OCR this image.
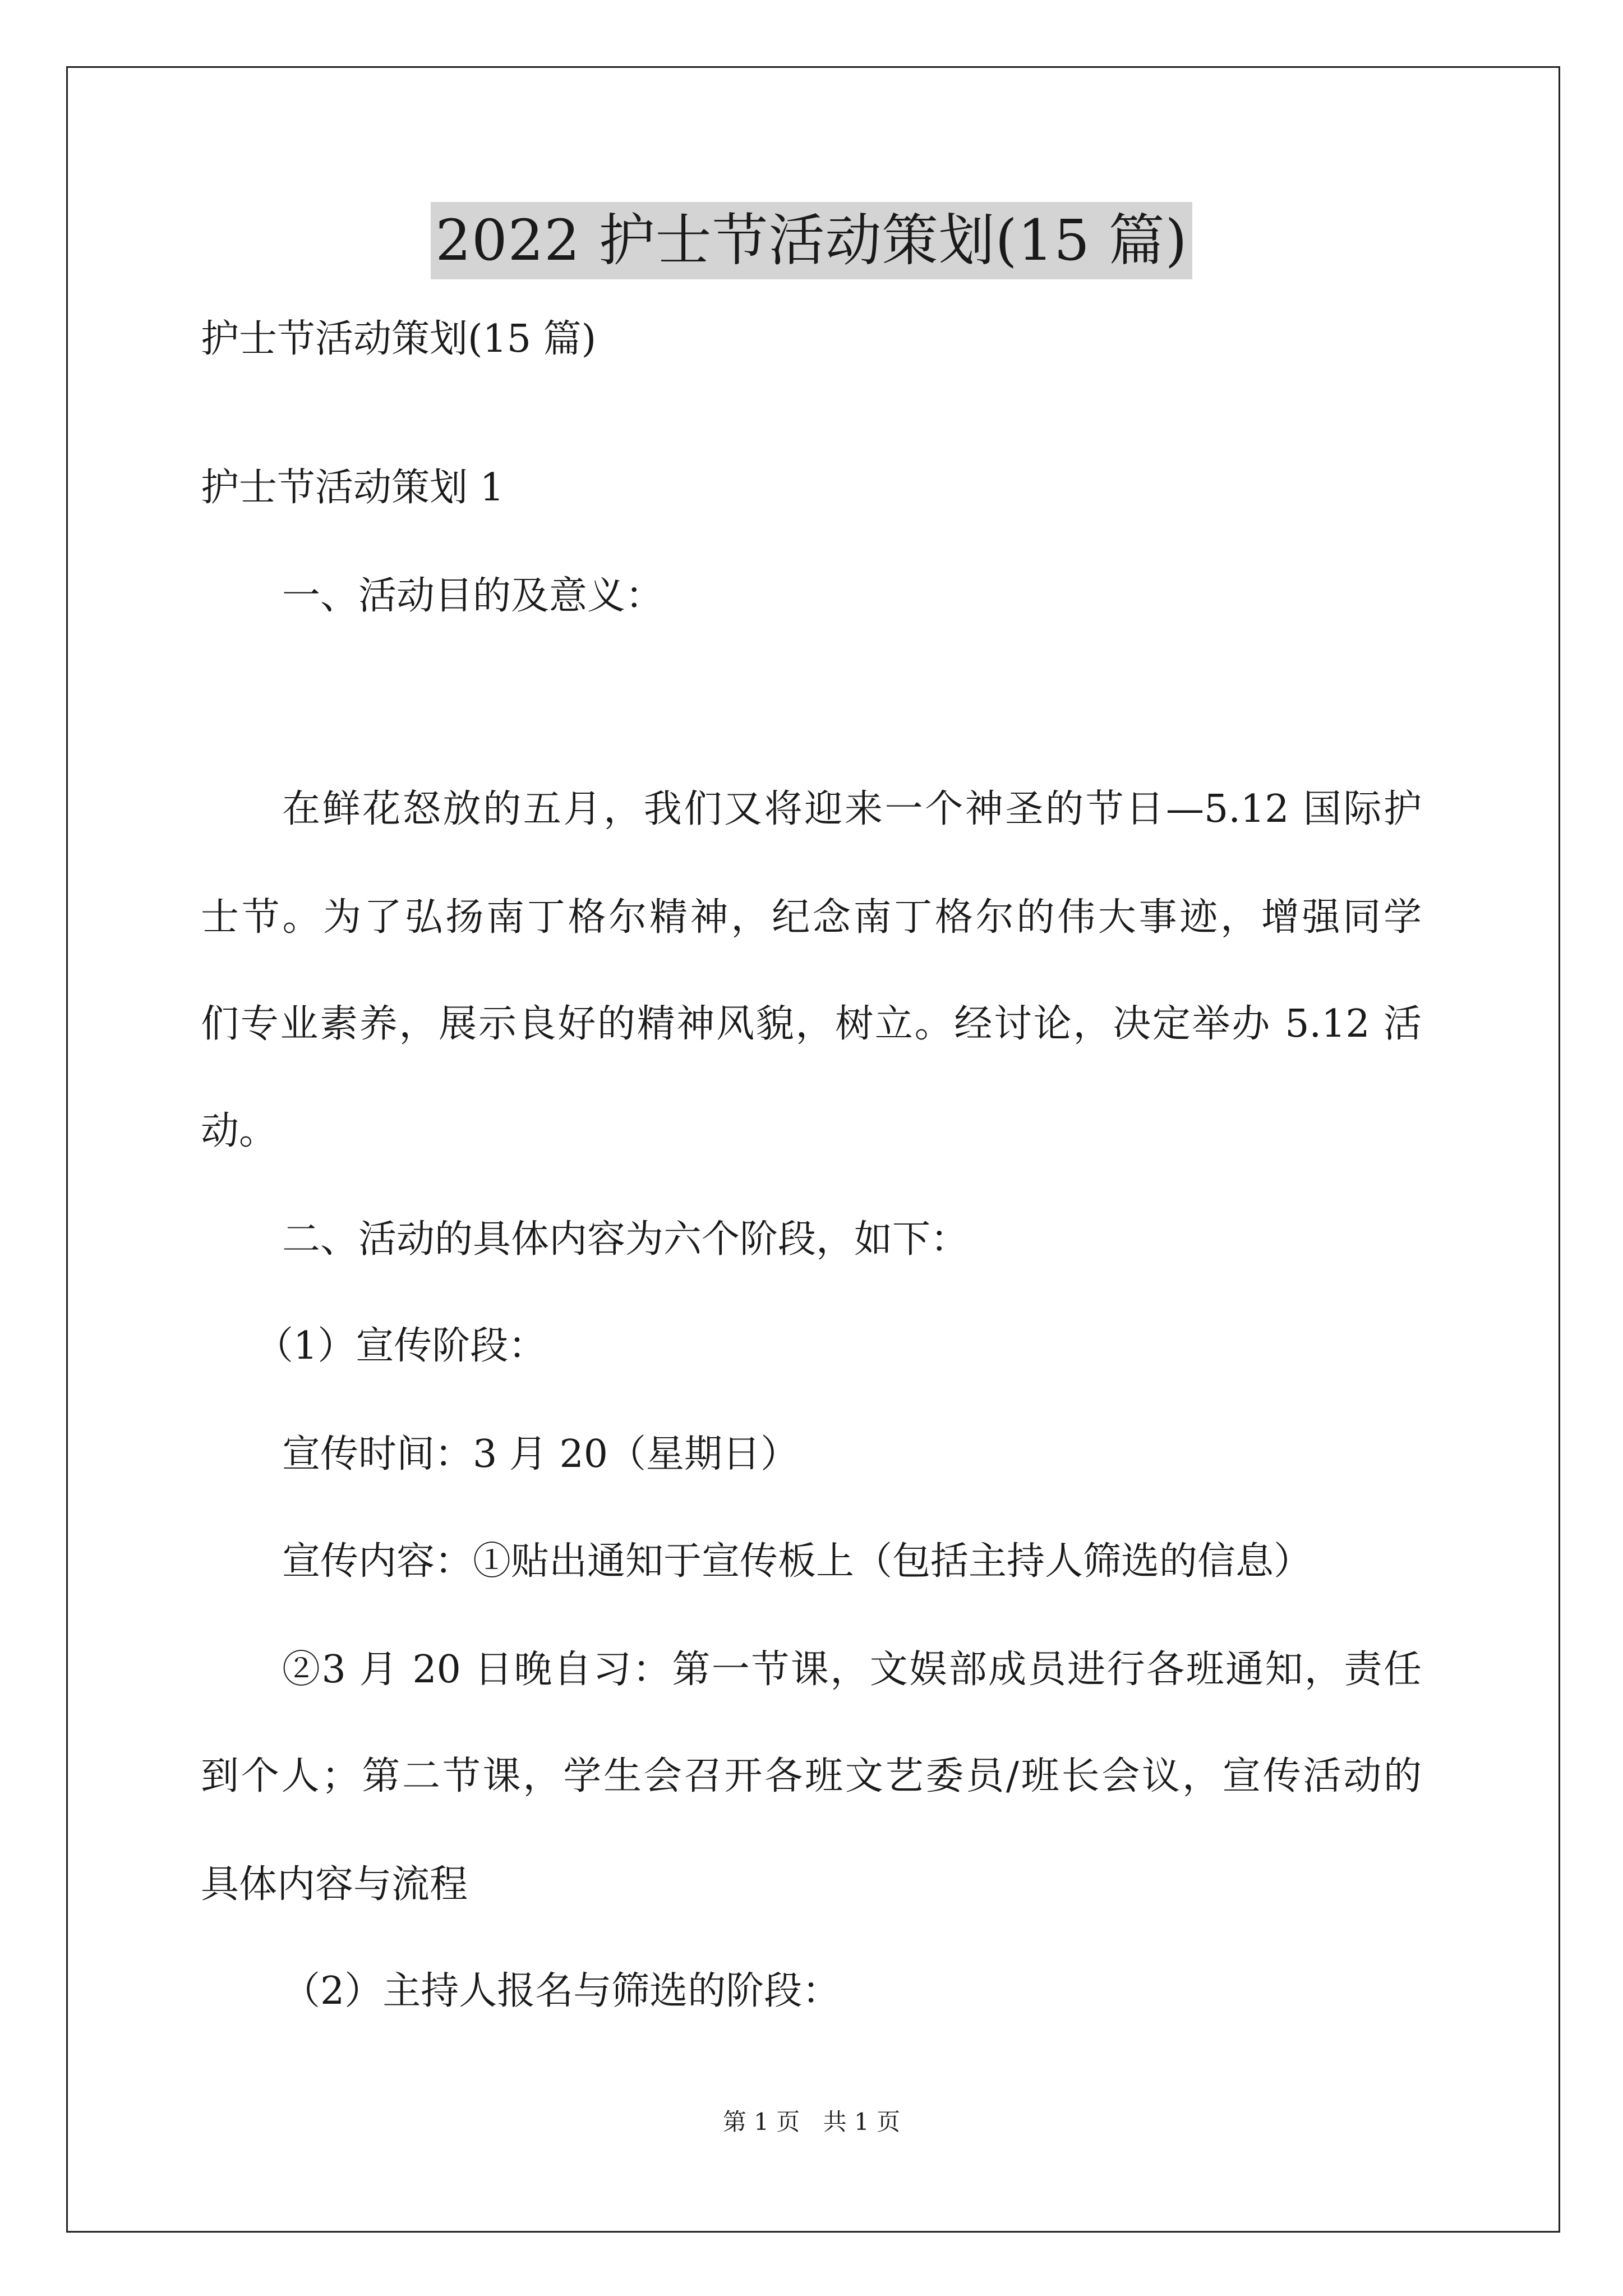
2022 护士节活动策划(15 篇)
护士节活动策划(15 篇)
护士节活动策划 1
一、活动目的及意义：
在鲜花怒放的五月，我们又将迎来一个神圣的节日—5.12 国际护
士节。为了弘扬南丁格尔精神，纪念南丁格尔的伟大事迹，增强同学
们专业素养，展示良好的精神风貌，树立。经讨论，决定举办 5.12 活
动。
二、活动的具体内容为六个阶段，如下：
（1）宣传阶段：
宣传时间：3 月 20（星期日）
宣传内容：①贴出通知于宣传板上（包括主持人筛选的信息）
②3 月 20 日晚自习：第一节课，文娱部成员进行各班通知，责任
到个人；第二节课，学生会召开各班文艺委员/班长会议，宣传活动的
具体内容与流程
（2）主持人报名与筛选的阶段：
第 1 页 共 1 页
